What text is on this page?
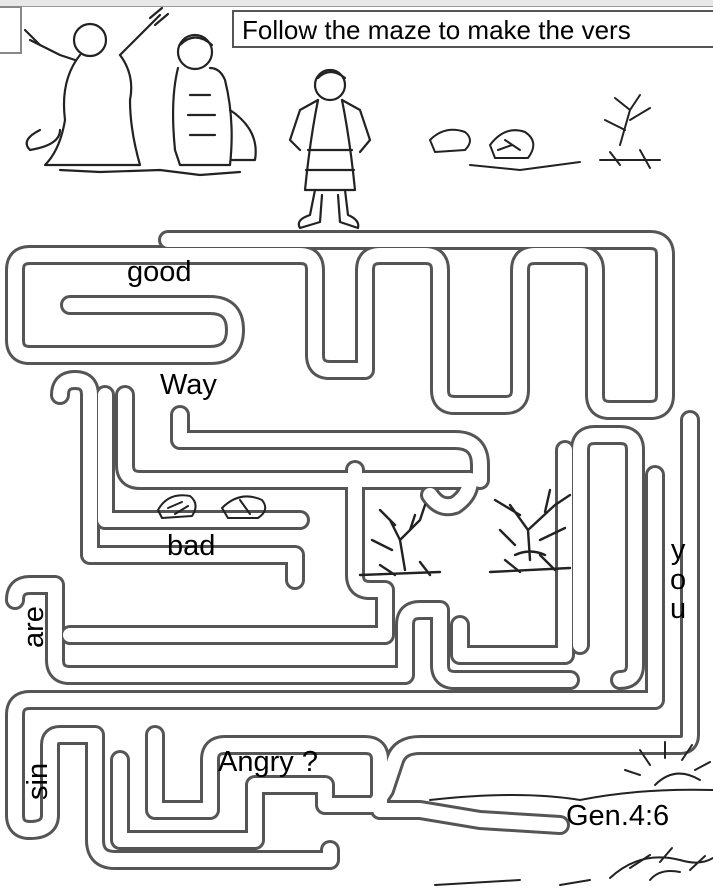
Follow the maze to make the vers
good
Way
bad
are
y
o
u
sin
Angry ?
Gen.4:6
